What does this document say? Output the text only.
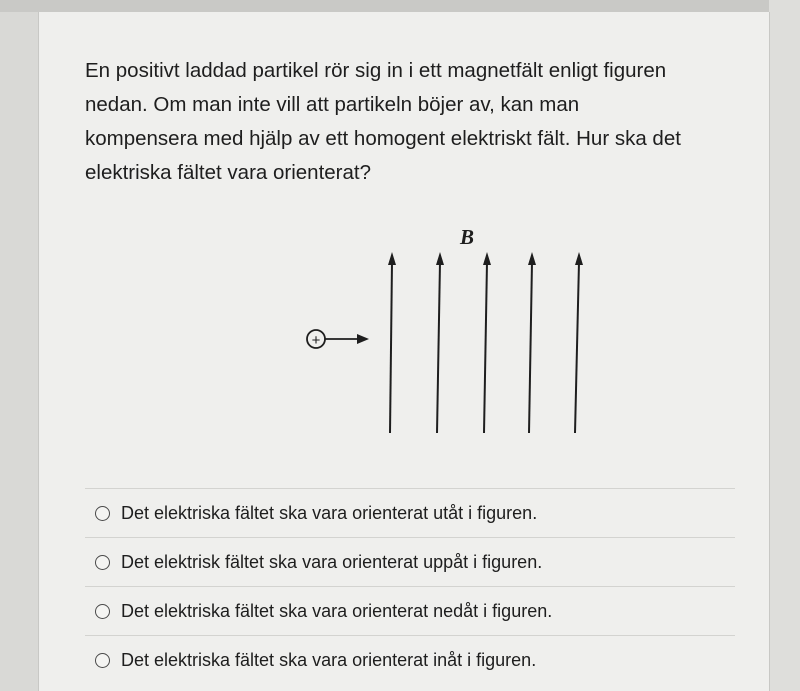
En positivt laddad partikel rör sig in i ett magnetfält enligt figuren
nedan. Om man inte vill att partikeln böjer av, kan man
kompensera med hjälp av ett homogent elektriskt fält. Hur ska det
elektriska fältet vara orienterat?

B
+
Det elektriska fältet ska vara orienterat utåt i figuren.
Det elektrisk fältet ska vara orienterat uppåt i figuren.
Det elektriska fältet ska vara orienterat nedåt i figuren.
Det elektriska fältet ska vara orienterat inåt i figuren.
